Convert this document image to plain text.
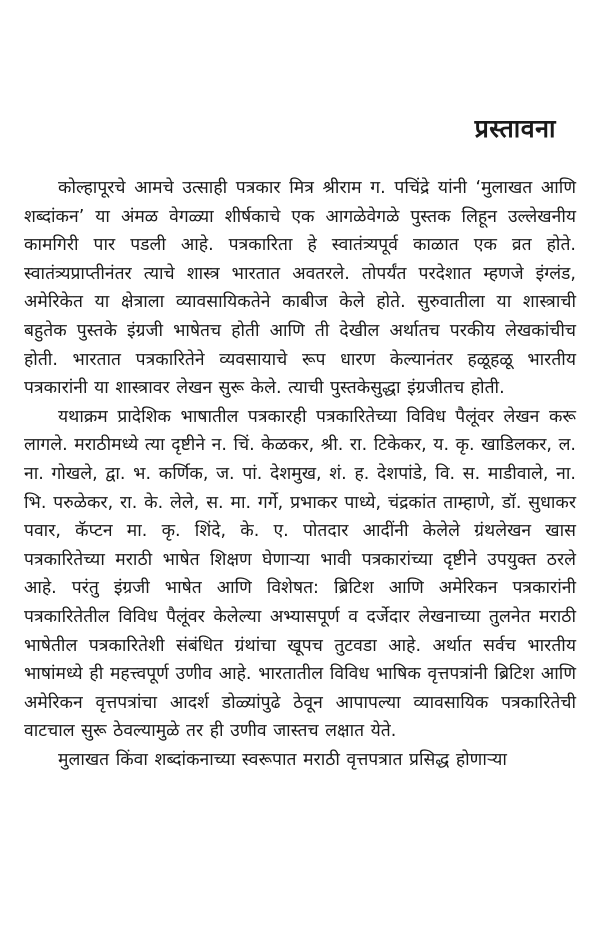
प्रस्तावना

कोल्हापूरचे आमचे उत्साही पत्रकार मित्र श्रीराम ग. पचिंद्रे यांनी ‘मुलाखत आणि शब्दांकन’ या अंमळ वेगळ्या शीर्षकाचे एक आगळेवेगळे पुस्तक लिहून उल्लेखनीय कामगिरी पार पडली आहे. पत्रकारिता हे स्वातंत्र्यपूर्व काळात एक व्रत होते. स्वातंत्र्यप्राप्तीनंतर त्याचे शास्त्र भारतात अवतरले. तोपर्यंत परदेशात म्हणजे इंग्लंड, अमेरिकेत या क्षेत्राला व्यावसायिकतेने काबीज केले होते. सुरुवातीला या शास्त्राची बहुतेक पुस्तके इंग्रजी भाषेतच होती आणि ती देखील अर्थातच परकीय लेखकांचीच होती. भारतात पत्रकारितेने व्यवसायाचे रूप धारण केल्यानंतर हळूहळू भारतीय पत्रकारांनी या शास्त्रावर लेखन सुरू केले. त्याची पुस्तकेसुद्धा इंग्रजीतच होती.

यथाक्रम प्रादेशिक भाषातील पत्रकारही पत्रकारितेच्या विविध पैलूंवर लेखन करू लागले. मराठीमध्ये त्या दृष्टीने न. चिं. केळकर, श्री. रा. टिकेकर, य. कृ. खाडिलकर, ल. ना. गोखले, द्वा. भ. कर्णिक, ज. पां. देशमुख, शं. ह. देशपांडे, वि. स. माडीवाले, ना. भि. परुळेकर, रा. के. लेले, स. मा. गर्गे, प्रभाकर पाध्ये, चंद्रकांत ताम्हाणे, डॉ. सुधाकर पवार, कॅप्टन मा. कृ. शिंदे, के. ए. पोतदार आदींनी केलेले ग्रंथलेखन खास पत्रकारितेच्या मराठी भाषेत शिक्षण घेणाऱ्या भावी पत्रकारांच्या दृष्टीने उपयुक्त ठरले आहे. परंतु इंग्रजी भाषेत आणि विशेषत: ब्रिटिश आणि अमेरिकन पत्रकारांनी पत्रकारितेतील विविध पैलूंवर केलेल्या अभ्यासपूर्ण व दर्जेदार लेखनाच्या तुलनेत मराठी भाषेतील पत्रकारितेशी संबंधित ग्रंथांचा खूपच तुटवडा आहे. अर्थात सर्वच भारतीय भाषांमध्ये ही महत्त्वपूर्ण उणीव आहे. भारतातील विविध भाषिक वृत्तपत्रांनी ब्रिटिश आणि अमेरिकन वृत्तपत्रांचा आदर्श डोळ्यांपुढे ठेवून आपापल्या व्यावसायिक पत्रकारितेची वाटचाल सुरू ठेवल्यामुळे तर ही उणीव जास्तच लक्षात येते.

मुलाखत किंवा शब्दांकनाच्या स्वरूपात मराठी वृत्तपत्रात प्रसिद्ध होणाऱ्या
